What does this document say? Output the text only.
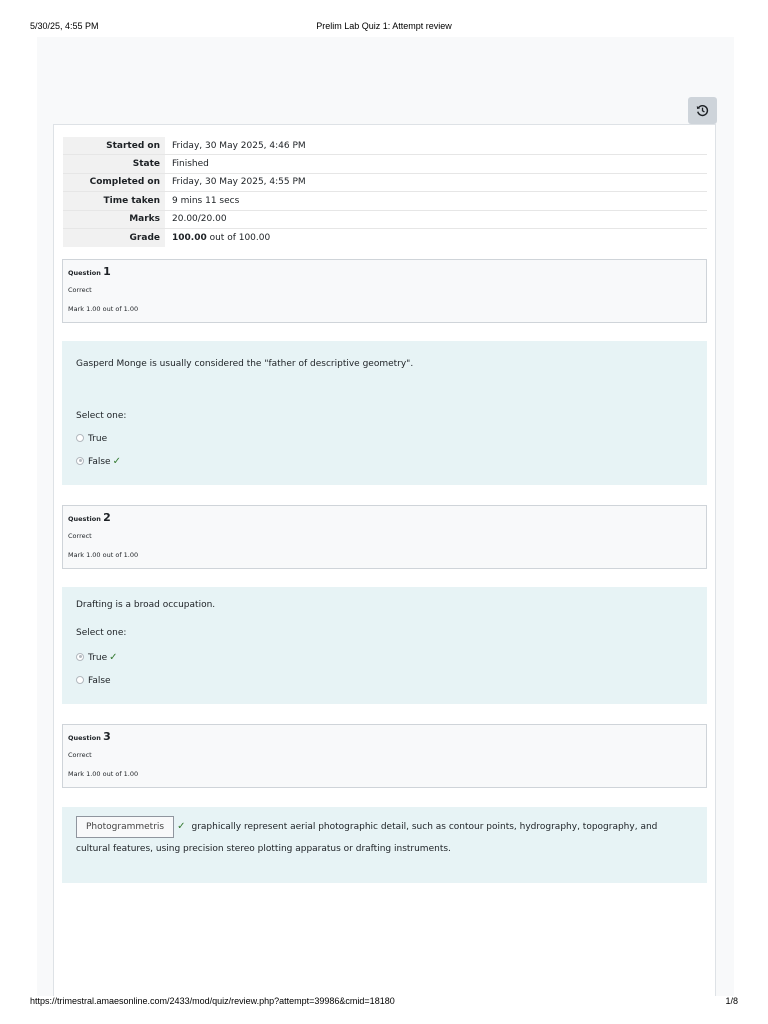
5/30/25, 4:55 PM	Prelim Lab Quiz 1: Attempt review
Started on	Friday, 30 May 2025, 4:46 PM
State	Finished
Completed on	Friday, 30 May 2025, 4:55 PM
Time taken	9 mins 11 secs
Marks	20.00/20.00
Grade	100.00 out of 100.00
Question 1
Correct
Mark 1.00 out of 1.00
Gasperd Monge is usually considered the "father of descriptive geometry".
Select one:
True
False ✓
Question 2
Correct
Mark 1.00 out of 1.00
Drafting is a broad occupation.
Select one:
True ✓
False
Question 3
Correct
Mark 1.00 out of 1.00
Photogrammetris ✓ graphically represent aerial photographic detail, such as contour points, hydrography, topography, and
cultural features, using precision stereo plotting apparatus or drafting instruments.
https://trimestral.amaesonline.com/2433/mod/quiz/review.php?attempt=39986&cmid=18180	1/8
